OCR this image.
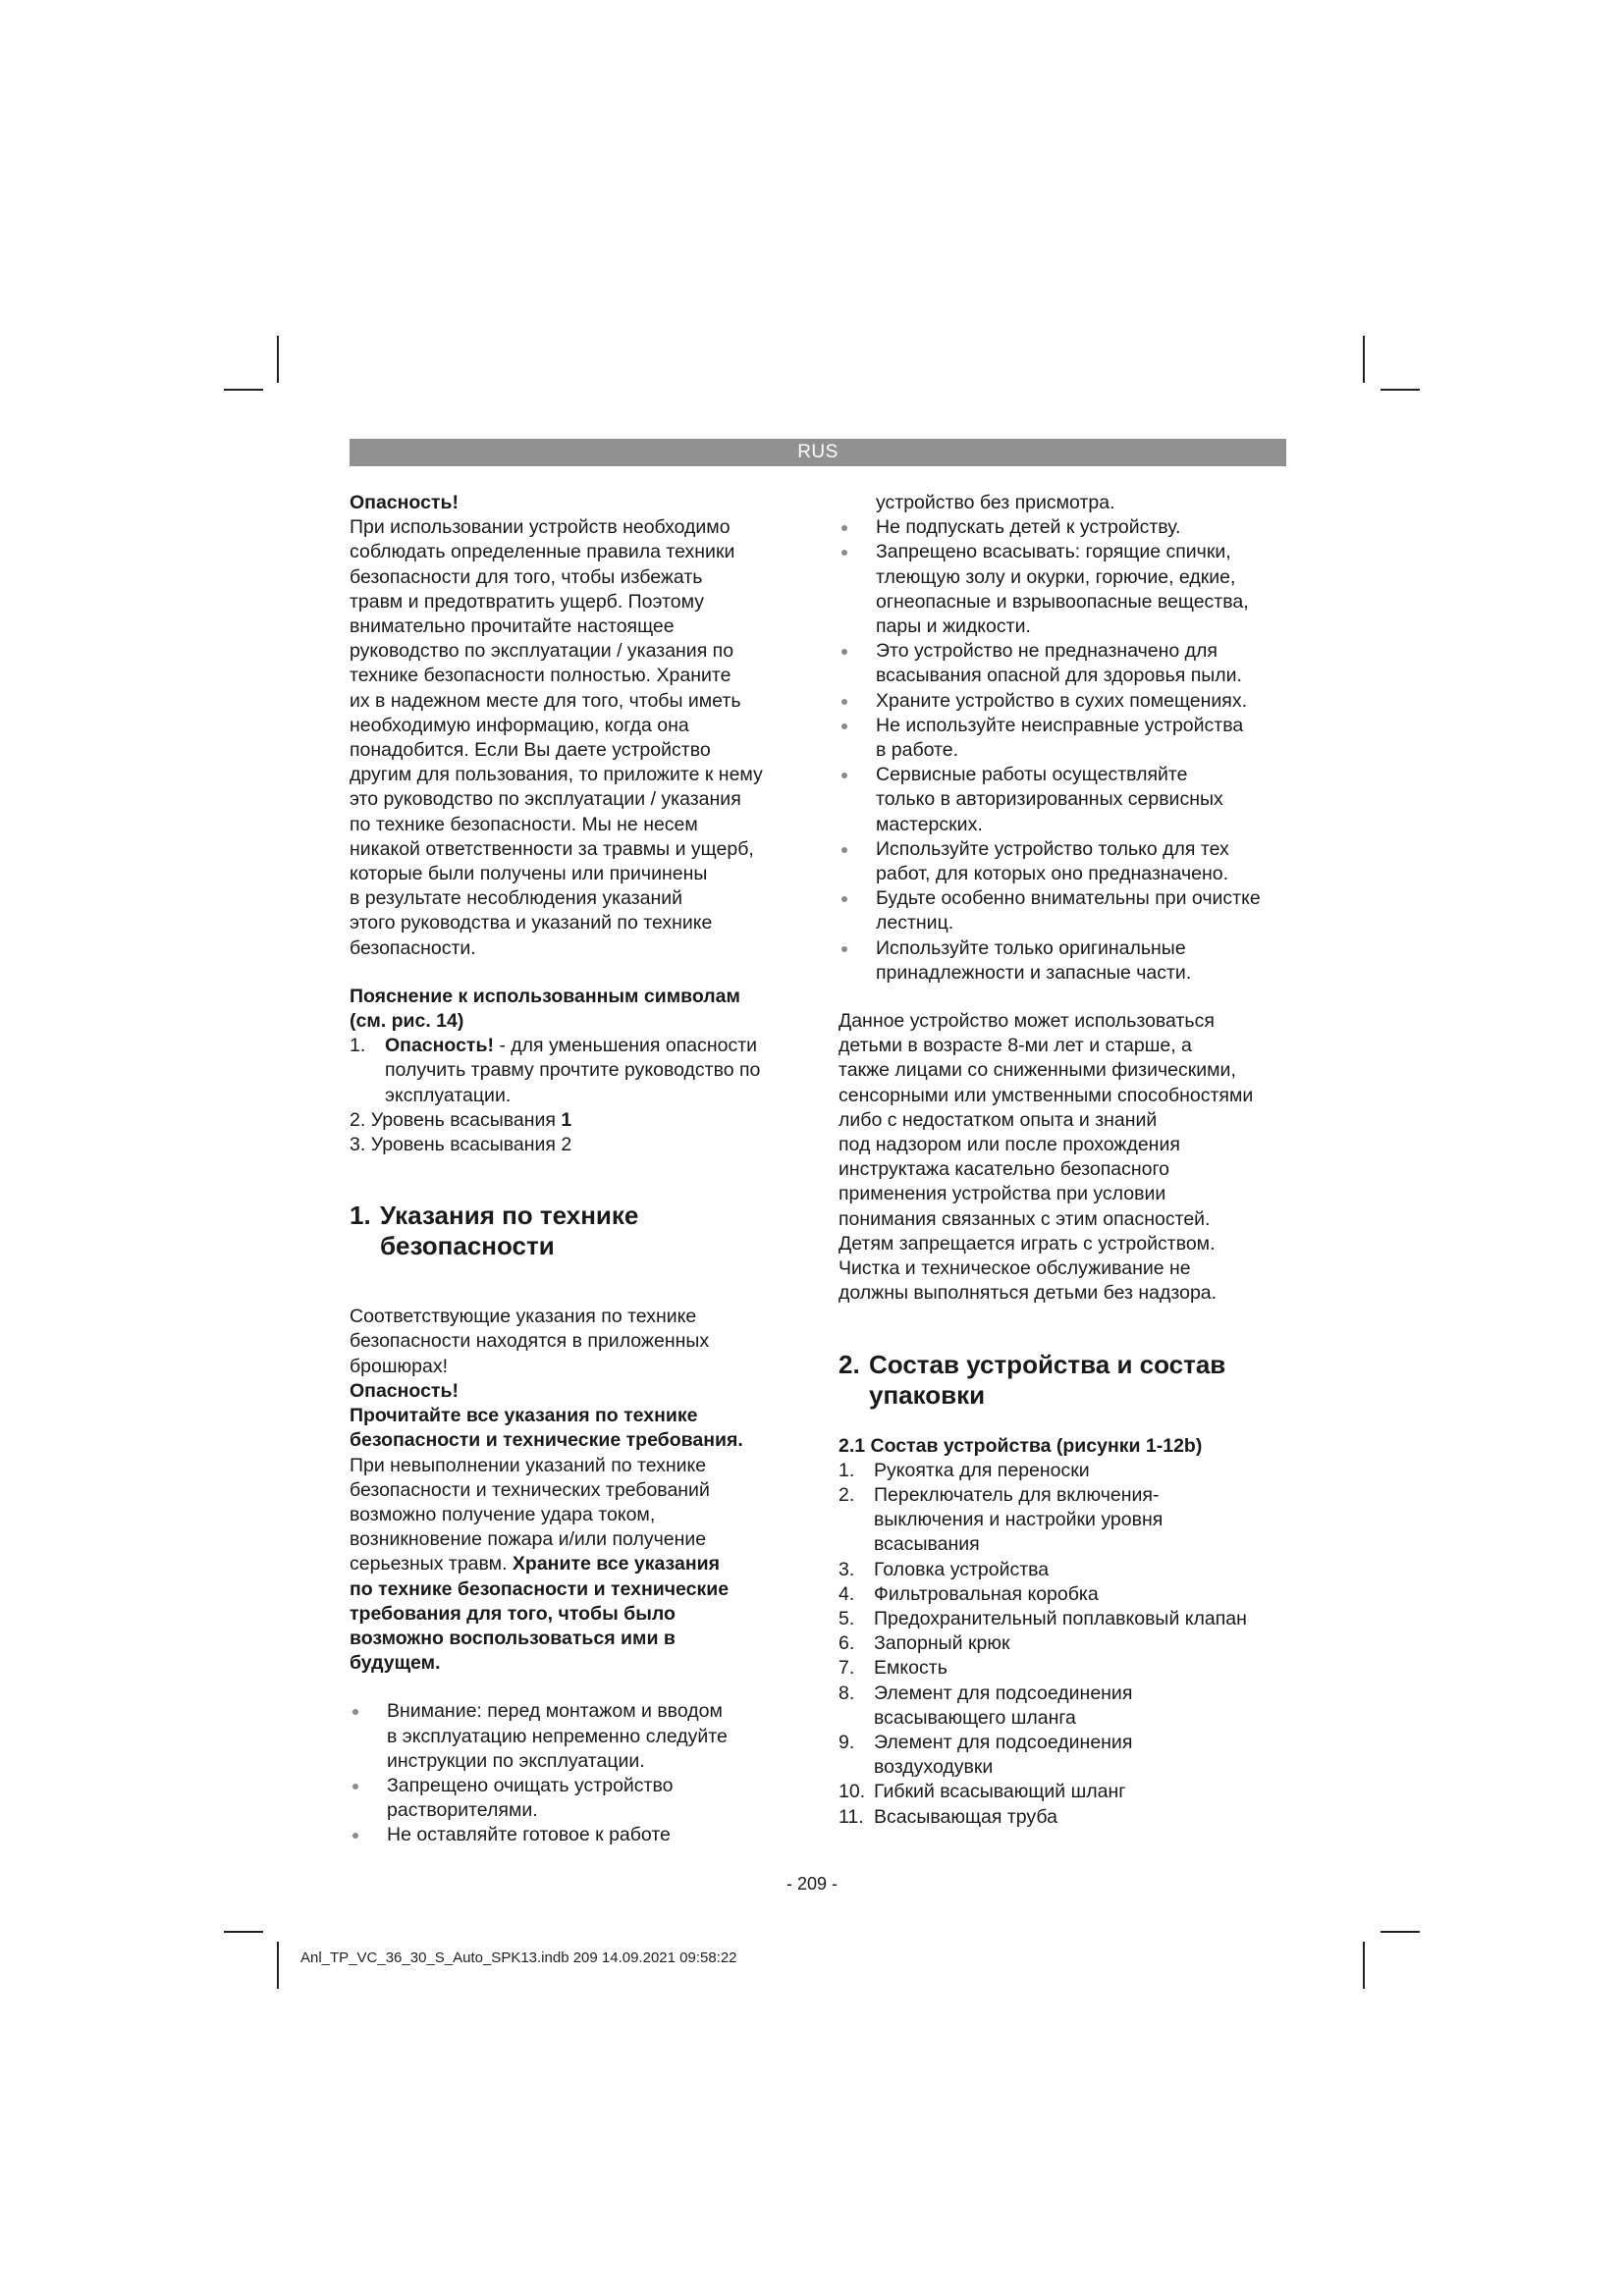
RUS

Опасность!

При использовании устройств необходимо

соблюдать определенные правила техники

безопасности для того, чтобы избежать

травм и предотвратить ущерб. Поэтому

внимательно прочитайте настоящее

руководство по эксплуатации / указания по

технике безопасности полностью. Храните

их в надежном месте для того, чтобы иметь

необходимую информацию, когда она

понадобится. Если Вы даете устройство

другим для пользования, то приложите к нему

это руководство по эксплуатации / указания

по технике безопасности. Мы не несем

никакой ответственности за травмы и ущерб,

которые были получены или причинены

в результате несоблюдения указаний

этого руководства и указаний по технике

безопасности.

Пояснение к использованным символам

(см. рис. 14)

1. Опасность! - для уменьшения опасности
получить травму прочтите руководство по
эксплуатации.
2. Уровень всасывания 1
3. Уровень всасывания 2
1. Указания по технике
безопасности

Соответствующие указания по технике

безопасности находятся в приложенных

брошюрах!

Опасность!

Прочитайте все указания по технике

безопасности и технические требования.

При невыполнении указаний по технике

безопасности и технических требований

возможно получение удара током,

возникновение пожара и/или получение

серьезных травм. Храните все указания

по технике безопасности и технические

требования для того, чтобы было

возможно воспользоваться ими в

будущем.

Внимание: перед монтажом и вводом
в эксплуатацию непременно следуйте
инструкции по эксплуатации.
Запрещено очищать устройство
растворителями.
Не оставляйте готовое к работе

устройство без присмотра.

Не подпускать детей к устройству.
Запрещено всасывать: горящие спички,
тлеющую золу и окурки, горючие, едкие,
огнеопасные и взрывоопасные вещества,
пары и жидкости.
Это устройство не предназначено для
всасывания опасной для здоровья пыли.
Храните устройство в сухих помещениях.
Не используйте неисправные устройства
в работе.
Сервисные работы осуществляйте
только в авторизированных сервисных
мастерских.
Используйте устройство только для тех
работ, для которых оно предназначено.
Будьте особенно внимательны при очистке
лестниц.
Используйте только оригинальные
принадлежности и запасные части.

Данное устройство может использоваться

детьми в возрасте 8-ми лет и старше, а

также лицами со сниженными физическими,

сенсорными или умственными способностями

либо с недостатком опыта и знаний

под надзором или после прохождения

инструктажа касательно безопасного

применения устройства при условии

понимания связанных с этим опасностей.

Детям запрещается играть с устройством.

Чистка и техническое обслуживание не

должны выполняться детьми без надзора.

2. Состав устройства и состав
упаковки

2.1 Состав устройства (рисунки 1-12b)

1. Рукоятка для переноски
2. Переключатель для включения-
выключения и настройки уровня
всасывания
3. Головка устройства
4. Фильтровальная коробка
5. Предохранительный поплавковый клапан
6. Запорный крюк
7. Емкость
8. Элемент для подсоединения
всасывающего шланга
9. Элемент для подсоединения
воздуходувки
10. Гибкий всасывающий шланг
11. Всасывающая труба
- 209 -
Anl_TP_VC_36_30_S_Auto_SPK13.indb 209 14.09.2021 09:58:22
